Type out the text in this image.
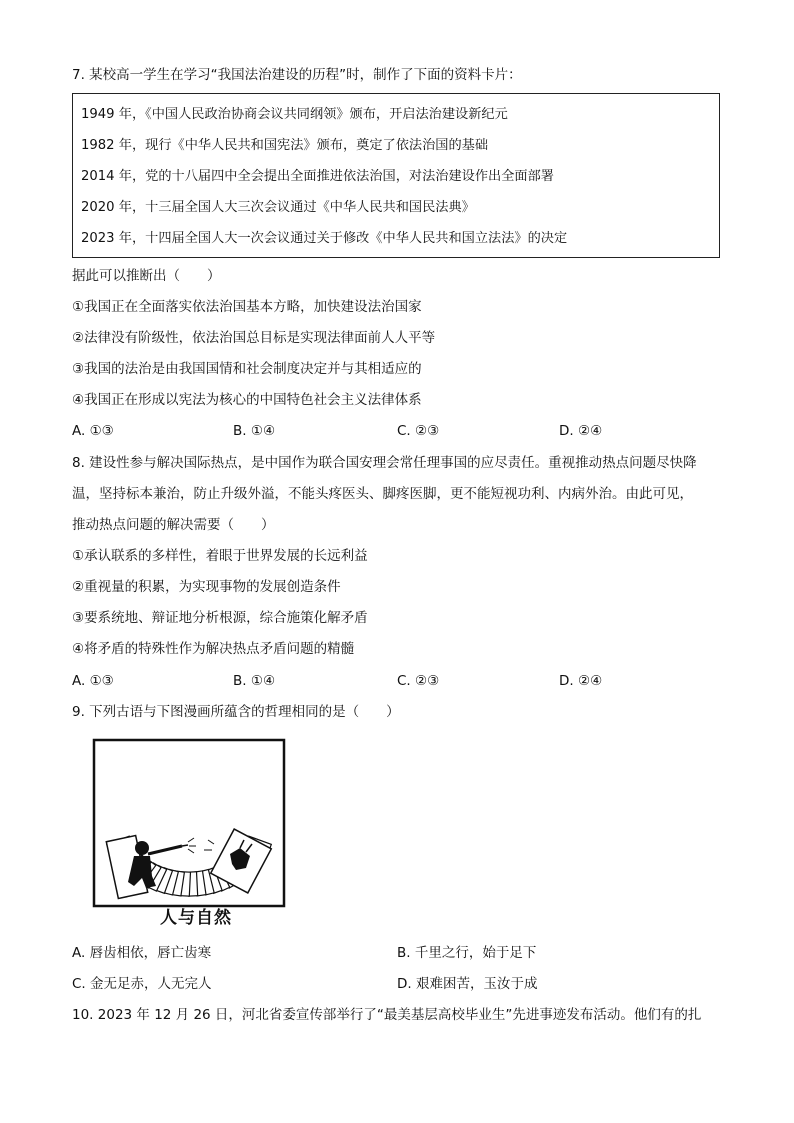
7. 某校高一学生在学习“我国法治建设的历程”时，制作了下面的资料卡片：
1949 年，《中国人民政治协商会议共同纲领》颁布，开启法治建设新纪元
1982 年，现行《中华人民共和国宪法》颁布，奠定了依法治国的基础
2014 年，党的十八届四中全会提出全面推进依法治国，对法治建设作出全面部署
2020 年，十三届全国人大三次会议通过《中华人民共和国民法典》
2023 年，十四届全国人大一次会议通过关于修改《中华人民共和国立法法》的决定
据此可以推断出（　　）
①我国正在全面落实依法治国基本方略，加快建设法治国家
②法律没有阶级性，依法治国总目标是实现法律面前人人平等
③我国的法治是由我国国情和社会制度决定并与其相适应的
④我国正在形成以宪法为核心的中国特色社会主义法律体系
A. ①③	B. ①④	C. ②③	D. ②④
8. 建设性参与解决国际热点，是中国作为联合国安理会常任理事国的应尽责任。重视推动热点问题尽快降
温，坚持标本兼治，防止升级外溢，不能头疼医头、脚疼医脚，更不能短视功利、内病外治。由此可见，
推动热点问题的解决需要（　　）
①承认联系的多样性，着眼于世界发展的长远利益
②重视量的积累，为实现事物的发展创造条件
③要系统地、辩证地分析根源，综合施策化解矛盾
④将矛盾的特殊性作为解决热点矛盾问题的精髓
A. ①③	B. ①④	C. ②③	D. ②④
9. 下列古语与下图漫画所蕴含的哲理相同的是（　　）
人与自然
A. 唇齿相依，唇亡齿寒	B. 千里之行，始于足下
C. 金无足赤，人无完人	D. 艰难困苦，玉汝于成
10. 2023 年 12 月 26 日，河北省委宣传部举行了“最美基层高校毕业生”先进事迹发布活动。他们有的扎
